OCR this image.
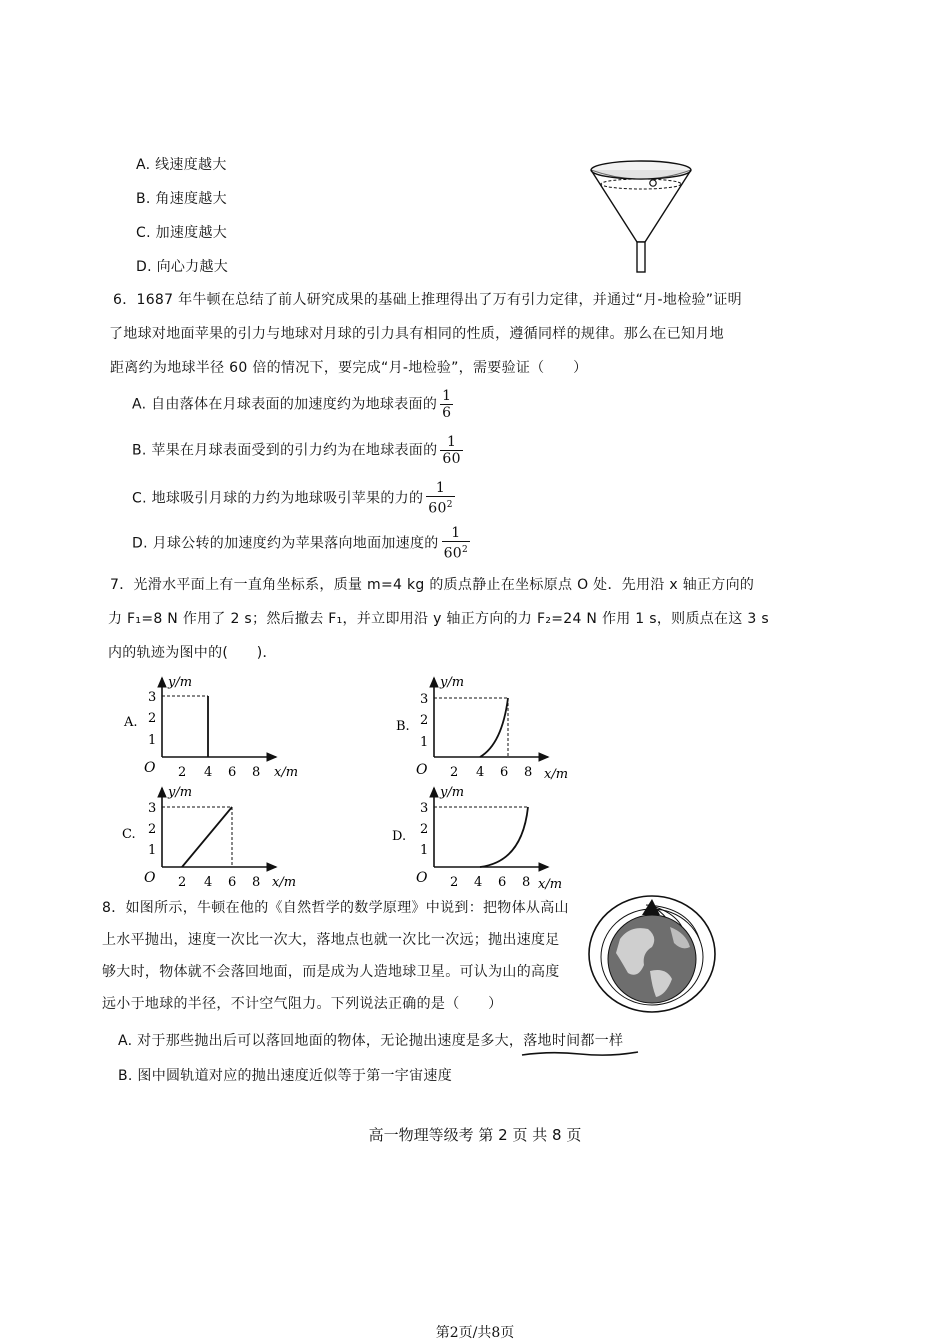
A. 线速度越大
B. 角速度越大
C. 加速度越大
D. 向心力越大
6．1687 年牛顿在总结了前人研究成果的基础上推理得出了万有引力定律，并通过“月-地检验”证明
了地球对地面苹果的引力与地球对月球的引力具有相同的性质，遵循同样的规律。那么在已知月地
距离约为地球半径 60 倍的情况下，要完成“月-地检验”，需要验证（　　）
A. 自由落体在月球表面的加速度约为地球表面的 $\frac{1}{6}$
B. 苹果在月球表面受到的引力约为在地球表面的 $\frac{1}{60}$
C. 地球吸引月球的力约为地球吸引苹果的力的 $\frac{1}{60^2}$
D. 月球公转的加速度约为苹果落向地面加速度的 $\frac{1}{60^2}$
7．光滑水平面上有一直角坐标系，质量 m=4 kg 的质点静止在坐标原点 O 处．先用沿 x 轴正方向的
力 F₁=8 N 作用了 2 s；然后撤去 F₁，并立即用沿 y 轴正方向的力 F₂=24 N 作用 1 s，则质点在这 3 s
内的轨迹为图中的(　　)．
A.
y/m
x/m
O 2 4 6 8
1
2
3
B.
y/m
x/m
O 2 4 6 8
1
2
3
C.
y/m
x/m
O 2 4 6 8
1
2
3
D.
y/m
x/m
O 2 4 6 8
1
2
3
8．如图所示，牛顿在他的《自然哲学的数学原理》中说到：把物体从高山
上水平抛出，速度一次比一次大，落地点也就一次比一次远；抛出速度足
够大时，物体就不会落回地面，而是成为人造地球卫星。可认为山的高度
远小于地球的半径，不计空气阻力。下列说法正确的是（　　）
A. 对于那些抛出后可以落回地面的物体，无论抛出速度是多大，落地时间都一样
B. 图中圆轨道对应的抛出速度近似等于第一宇宙速度
高一物理等级考 第 2 页 共 8 页
第2页/共8页
